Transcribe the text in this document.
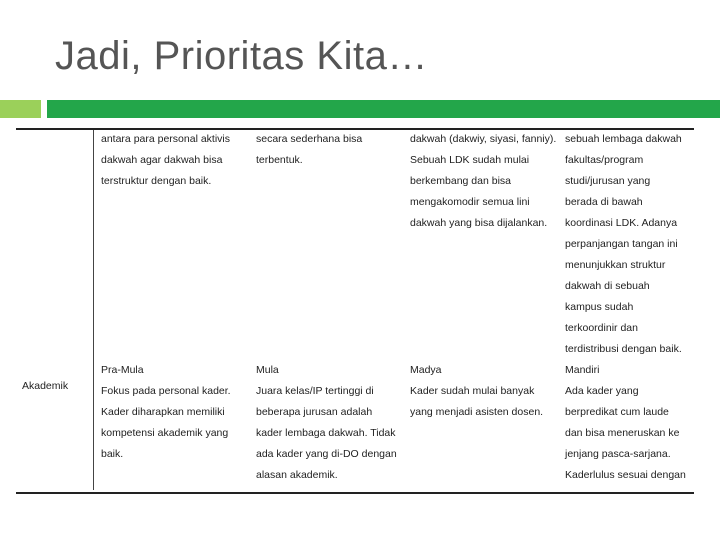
Jadi, Prioritas Kita…
antara para personal aktivis
dakwah agar dakwah bisa
terstruktur dengan baik.
secara sederhana bisa
terbentuk.
dakwah (dakwiy, siyasi, fanniy).
Sebuah LDK sudah mulai
berkembang dan bisa
mengakomodir semua lini
dakwah yang bisa dijalankan.
sebuah lembaga dakwah
fakultas/program
studi/jurusan yang
berada di bawah
koordinasi LDK. Adanya
perpanjangan tangan ini
menunjukkan struktur
dakwah di sebuah
kampus sudah
terkoordinir dan
terdistribusi dengan baik.
Akademik
Pra-Mula
Fokus pada personal kader.
Kader diharapkan memiliki
kompetensi akademik yang
baik.
Mula
Juara kelas/IP tertinggi di
beberapa jurusan adalah
kader lembaga dakwah. Tidak
ada kader yang di-DO dengan
alasan akademik.
Madya
Kader sudah mulai banyak
yang menjadi asisten dosen.
Mandiri
Ada kader yang
berpredikat cum laude
dan bisa meneruskan ke
jenjang pasca-sarjana.
Kaderlulus sesuai dengan
